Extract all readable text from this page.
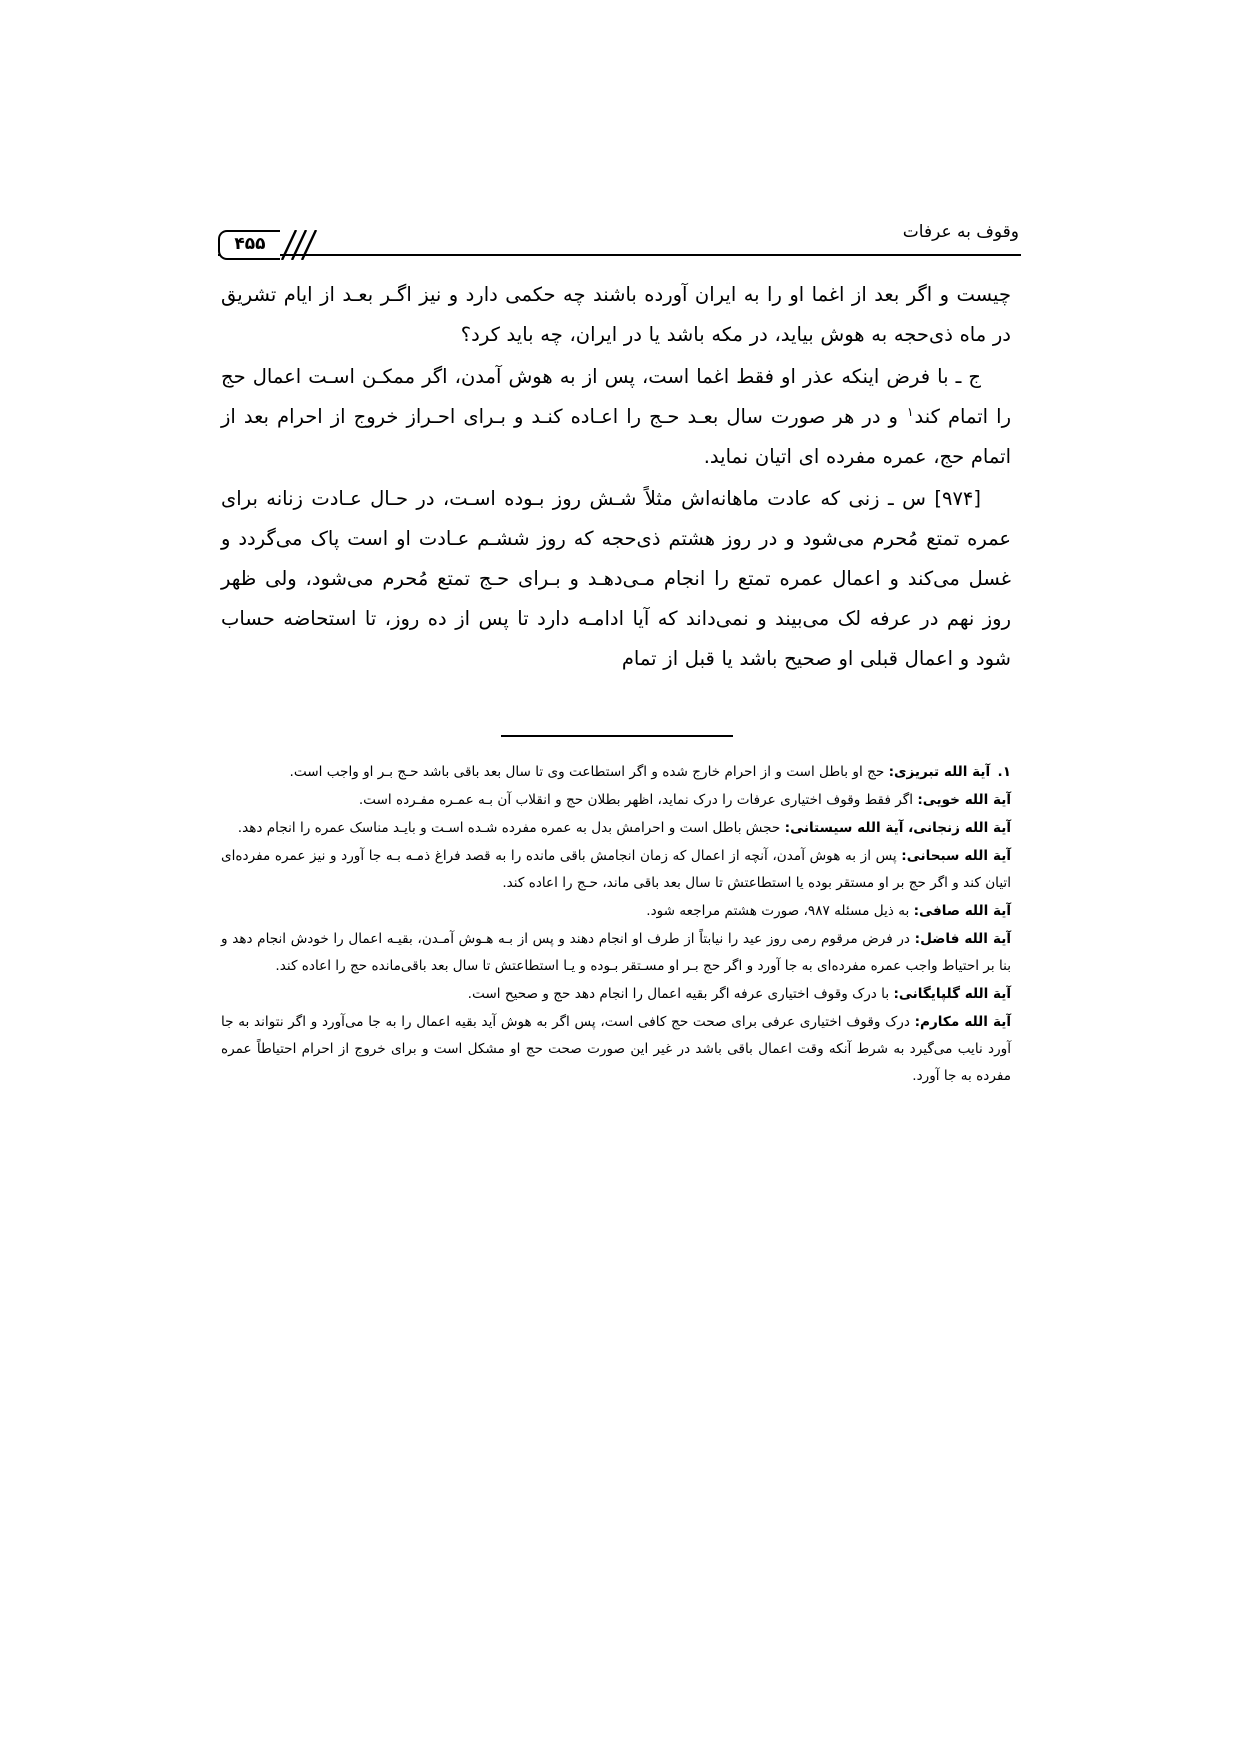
وقوف به عرفات
۴۵۵

چیست و اگر بعد از اغما او را به ایران آورده باشند چه حکمی دارد و نیز اگـر بعـد از ایام تشریق در ماه ذی‌حجه به هوش بیاید، در مکه باشد یا در ایران، چه باید کرد؟

ج ـ با فرض اینکه عذر او فقط اغما است، پس از به هوش آمدن، اگر ممکـن اسـت اعمال حج را اتمام کند$^۱$ و در هر صورت سال بعـد حـج را اعـاده کنـد و بـرای احـراز خروج از احرام بعد از اتمام حج، عمره مفرده ای اتیان نماید.

[۹۷۴] س ـ زنی که عادت ماهانه‌اش مثلاً شـش روز بـوده اسـت، در حـال عـادت زنانه برای عمره تمتع مُحرم می‌شود و در روز هشتم ذی‌حجه که روز ششـم عـادت او است پاک می‌گردد و غسل می‌کند و اعمال عمره تمتع را انجام مـی‌دهـد و بـرای حـج تمتع مُحرم می‌شود، ولی ظهر روز نهم در عرفه لک می‌بیند و نمی‌داند که آیا ادامـه دارد تا پس از ده روز، تا استحاضه حساب شود و اعمال قبلی او صحیح باشد یا قبل از تمام

۱. آیة الله تبریزی: حج او باطل است و از احرام خارج شده و اگر استطاعت وی تا سال بعد باقی باشد حـج بـر او واجب است.
آیة الله خویی: اگر فقط وقوف اختیاری عرفات را درک نماید، اظهر بطلان حج و انقلاب آن بـه عمـره مفـرده است.
آیة الله زنجانی، آیة الله سیستانی: حجش باطل است و احرامش بدل به عمره مفرده شـده اسـت و بایـد مناسک عمره را انجام دهد.
آیة الله سبحانی: پس از به هوش آمدن، آنچه از اعمال که زمان انجامش باقی مانده را به قصد فراغ ذمـه بـه جا آورد و نیز عمره مفرده‌ای اتیان کند و اگر حج بر او مستقر بوده یا استطاعتش تا سال بعد باقی ماند، حـج را اعاده کند.
آیة الله صافی: به ذیل مسئله ۹۸۷، صورت هشتم مراجعه شود.
آیة الله فاضل: در فرض مرقوم رمی روز عید را نیابتاً از طرف او انجام دهند و پس از بـه هـوش آمـدن، بقیـه اعمال را خودش انجام دهد و بنا بر احتیاط واجب عمره مفرده‌ای به جا آورد و اگر حج بـر او مسـتقر بـوده و یـا استطاعتش تا سال بعد باقی‌مانده حج را اعاده کند.
آیة الله گلپایگانی: با درک وقوف اختیاری عرفه اگر بقیه اعمال را انجام دهد حج و صحیح است.
آیة الله مکارم: درک وقوف اختیاری عرفی برای صحت حج کافی است، پس اگر به هوش آید بقیه اعمال را به جا می‌آورد و اگر نتواند به جا آورد نایب می‌گیرد به شرط آنکه وقت اعمال باقی باشد در غیر این صورت صحت حج او مشکل است و برای خروج از احرام احتیاطاً عمره مفرده به جا آورد.
